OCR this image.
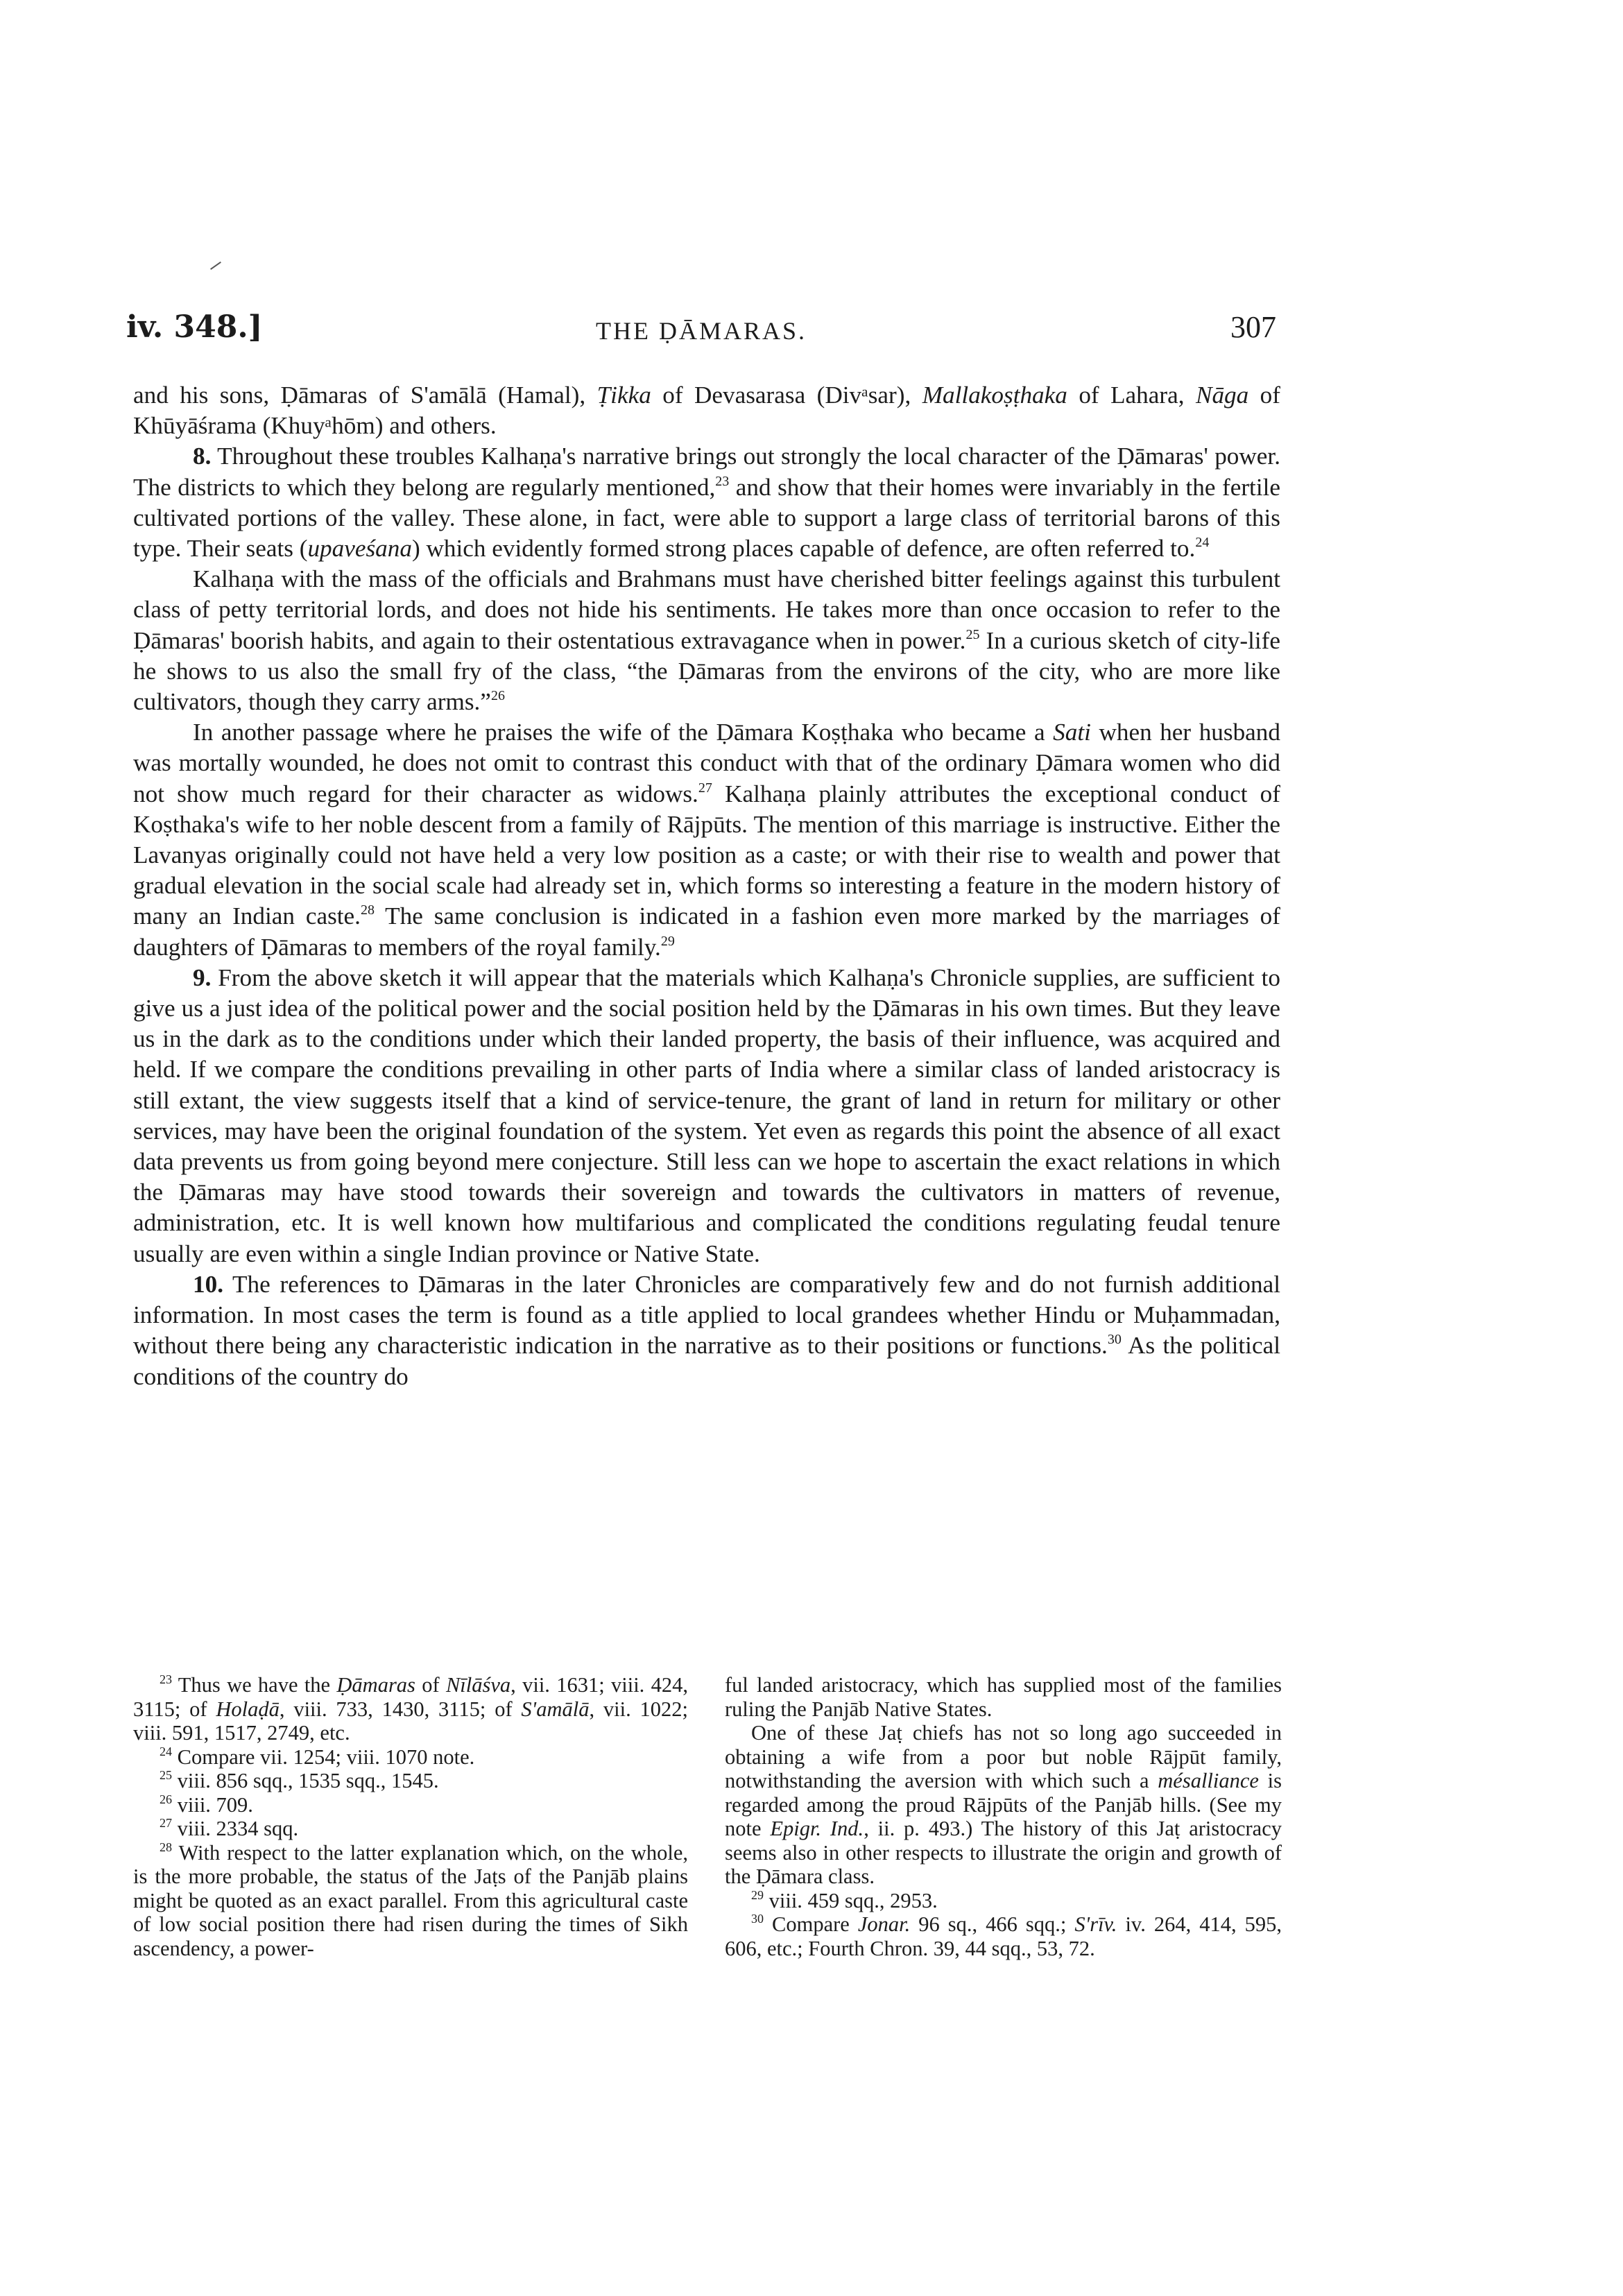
iv. 348.]	THE ḌĀMARAS.	307

and his sons, Ḍāmaras of S'amālā (Hamal), Ṭikka of Devasarasa (Divᵃsar), Mallakoṣṭhaka of Lahara, Nāga of Khūyāśrama (Khuyᵃhōm) and others.

8. Throughout these troubles Kalhaṇa's narrative brings out strongly the local character of the Ḍāmaras' power. The districts to which they belong are regularly mentioned,$^{23}$ and show that their homes were invariably in the fertile cultivated portions of the valley. These alone, in fact, were able to support a large class of territorial barons of this type. Their seats (upaveśana) which evidently formed strong places capable of defence, are often referred to.$^{24}$

Kalhaṇa with the mass of the officials and Brahmans must have cherished bitter feelings against this turbulent class of petty territorial lords, and does not hide his sentiments. He takes more than once occasion to refer to the Ḍāmaras' boorish habits, and again to their ostentatious extravagance when in power.$^{25}$ In a curious sketch of city-life he shows to us also the small fry of the class, “the Ḍāmaras from the environs of the city, who are more like cultivators, though they carry arms.”$^{26}$

In another passage where he praises the wife of the Ḍāmara Koṣṭhaka who became a Sati when her husband was mortally wounded, he does not omit to contrast this conduct with that of the ordinary Ḍāmara women who did not show much regard for their character as widows.$^{27}$ Kalhaṇa plainly attributes the exceptional conduct of Koṣthaka's wife to her noble descent from a family of Rājpūts. The mention of this marriage is instructive. Either the Lavanyas originally could not have held a very low position as a caste; or with their rise to wealth and power that gradual elevation in the social scale had already set in, which forms so interesting a feature in the modern history of many an Indian caste.$^{28}$ The same conclusion is indicated in a fashion even more marked by the marriages of daughters of Ḍāmaras to members of the royal family.$^{29}$

9. From the above sketch it will appear that the materials which Kalhaṇa's Chronicle supplies, are sufficient to give us a just idea of the political power and the social position held by the Ḍāmaras in his own times. But they leave us in the dark as to the conditions under which their landed property, the basis of their influence, was acquired and held. If we compare the conditions prevailing in other parts of India where a similar class of landed aristocracy is still extant, the view suggests itself that a kind of service-tenure, the grant of land in return for military or other services, may have been the original foundation of the system. Yet even as regards this point the absence of all exact data prevents us from going beyond mere conjecture. Still less can we hope to ascertain the exact relations in which the Ḍāmaras may have stood towards their sovereign and towards the cultivators in matters of revenue, administration, etc. It is well known how multifarious and complicated the conditions regulating feudal tenure usually are even within a single Indian province or Native State.

10. The references to Ḍāmaras in the later Chronicles are comparatively few and do not furnish additional information. In most cases the term is found as a title applied to local grandees whether Hindu or Muḥammadan, without there being any characteristic indication in the narrative as to their positions or functions.$^{30}$ As the political conditions of the country do

$^{23}$ Thus we have the Ḍāmaras of Nīlāśva, vii. 1631; viii. 424, 3115; of Holaḍā, viii. 733, 1430, 3115; of S'amālā, vii. 1022; viii. 591, 1517, 2749, etc.

$^{24}$ Compare vii. 1254; viii. 1070 note.

$^{25}$ viii. 856 sqq., 1535 sqq., 1545.

$^{26}$ viii. 709.

$^{27}$ viii. 2334 sqq.

$^{28}$ With respect to the latter explanation which, on the whole, is the more probable, the status of the Jaṭs of the Panjāb plains might be quoted as an exact parallel. From this agricultural caste of low social position there had risen during the times of Sikh ascendency, a power-

ful landed aristocracy, which has supplied most of the families ruling the Panjāb Native States.

One of these Jaṭ chiefs has not so long ago succeeded in obtaining a wife from a poor but noble Rājpūt family, notwithstanding the aversion with which such a mésalliance is regarded among the proud Rājpūts of the Panjāb hills. (See my note Epigr. Ind., ii. p. 493.) The history of this Jaṭ aristocracy seems also in other respects to illustrate the origin and growth of the Ḍāmara class.

$^{29}$ viii. 459 sqq., 2953.

$^{30}$ Compare Jonar. 96 sq., 466 sqq.; S'rīv. iv. 264, 414, 595, 606, etc.; Fourth Chron. 39, 44 sqq., 53, 72.
